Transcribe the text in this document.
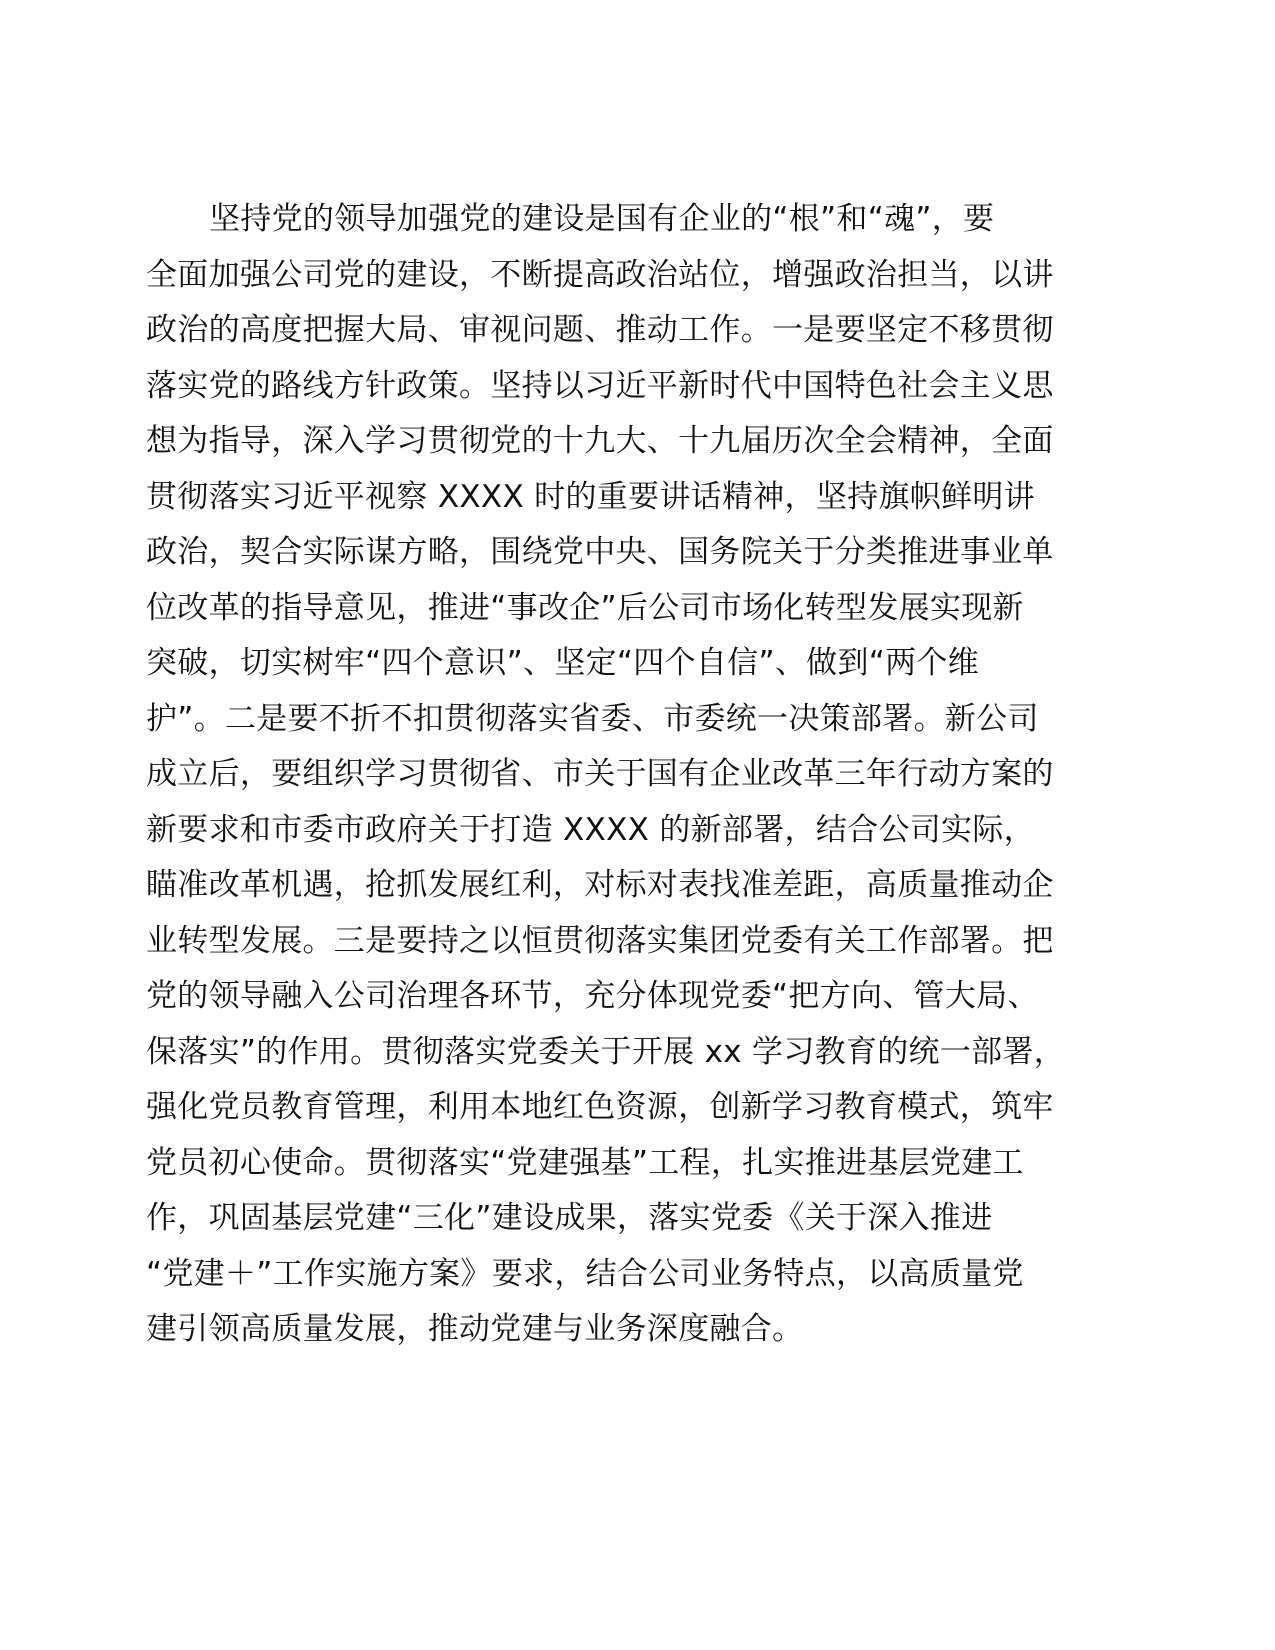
坚持党的领导加强党的建设是国有企业的“根”和“魂”，要
全面加强公司党的建设，不断提高政治站位，增强政治担当，以讲
政治的高度把握大局、审视问题、推动工作。一是要坚定不移贯彻
落实党的路线方针政策。坚持以习近平新时代中国特色社会主义思
想为指导，深入学习贯彻党的十九大、十九届历次全会精神，全面
贯彻落实习近平视察 XXXX 时的重要讲话精神，坚持旗帜鲜明讲
政治，契合实际谋方略，围绕党中央、国务院关于分类推进事业单
位改革的指导意见，推进“事改企”后公司市场化转型发展实现新
突破，切实树牢“四个意识”、坚定“四个自信”、做到“两个维
护”。二是要不折不扣贯彻落实省委、市委统一决策部署。新公司
成立后，要组织学习贯彻省、市关于国有企业改革三年行动方案的
新要求和市委市政府关于打造 XXXX 的新部署，结合公司实际，
瞄准改革机遇，抢抓发展红利，对标对表找准差距，高质量推动企
业转型发展。三是要持之以恒贯彻落实集团党委有关工作部署。把
党的领导融入公司治理各环节，充分体现党委“把方向、管大局、
保落实”的作用。贯彻落实党委关于开展 xx 学习教育的统一部署，
强化党员教育管理，利用本地红色资源，创新学习教育模式，筑牢
党员初心使命。贯彻落实“党建强基”工程，扎实推进基层党建工
作，巩固基层党建“三化”建设成果，落实党委《关于深入推进
“党建＋”工作实施方案》要求，结合公司业务特点，以高质量党
建引领高质量发展，推动党建与业务深度融合。
